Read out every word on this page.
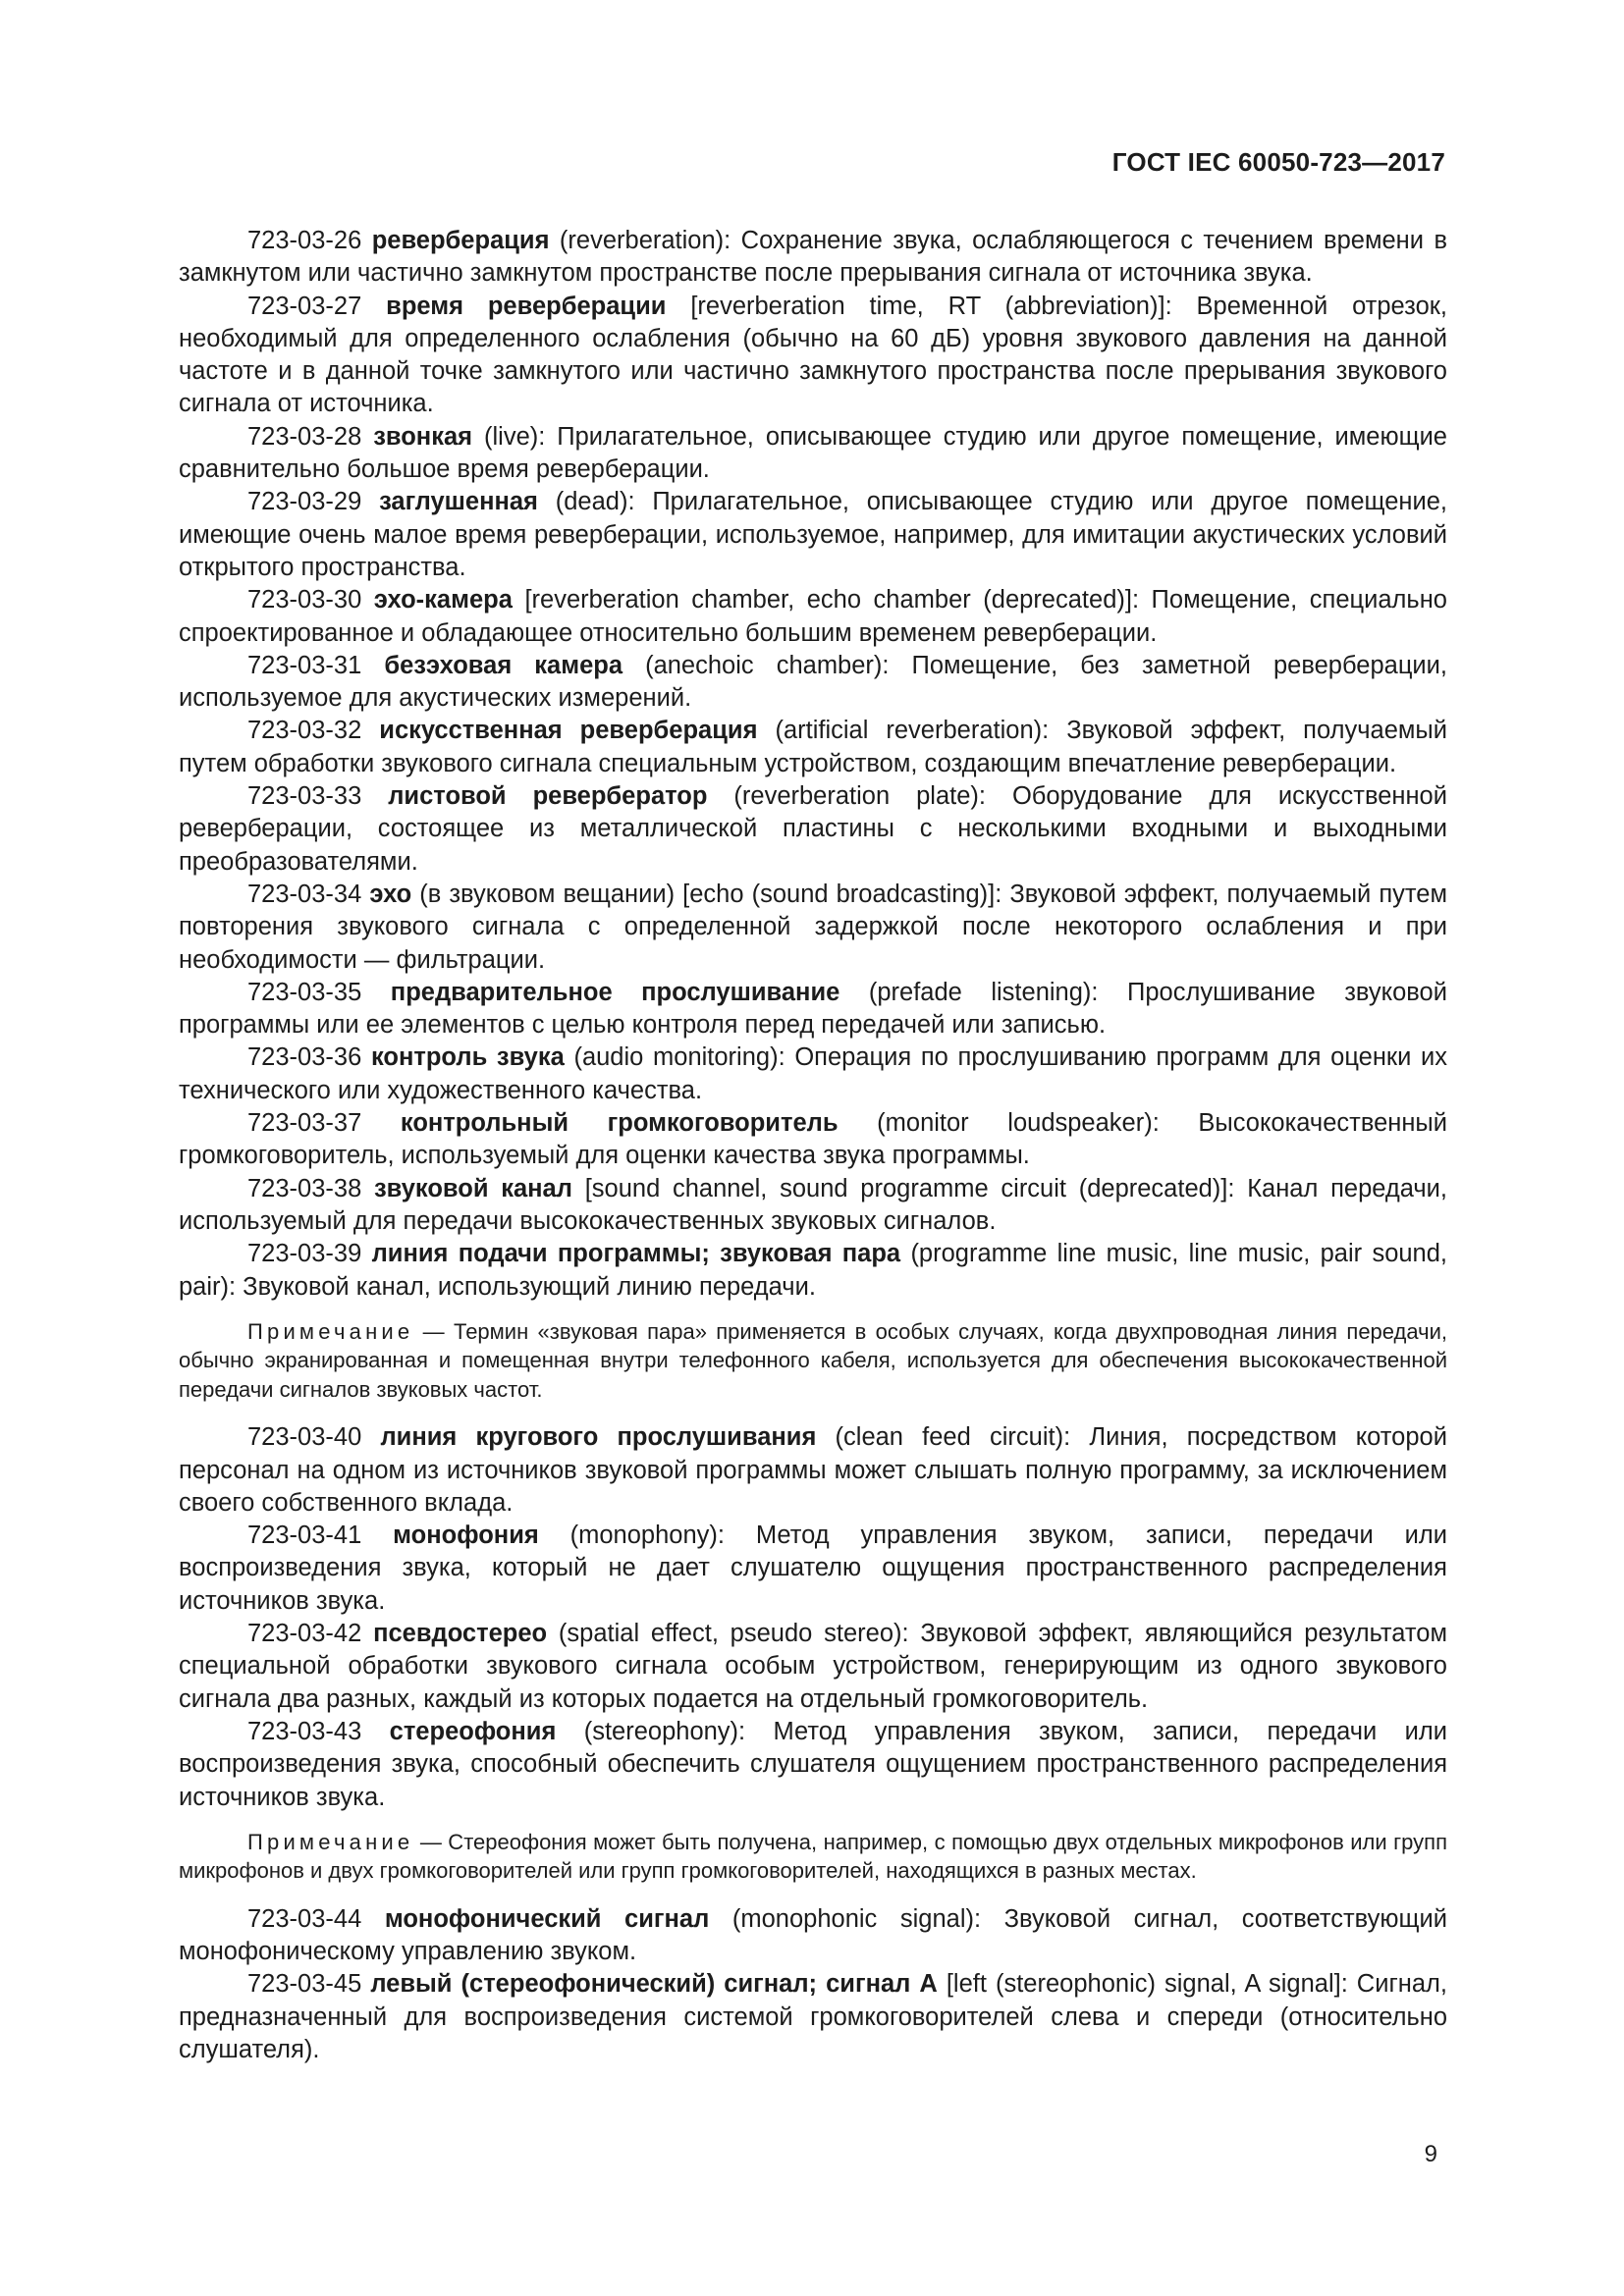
ГОСТ IEC 60050-723—2017

723-03-26 реверберация (reverberation): Сохранение звука, ослабляющегося с течением времени в замкнутом или частично замкнутом пространстве после прерывания сигнала от источника звука.

723-03-27 время реверберации [reverberation time, RT (abbreviation)]: Временной отрезок, необходимый для определенного ослабления (обычно на 60 дБ) уровня звукового давления на данной частоте и в данной точке замкнутого или частично замкнутого пространства после прерывания звукового сигнала от источника.

723-03-28 звонкая (live): Прилагательное, описывающее студию или другое помещение, имеющие сравнительно большое время реверберации.

723-03-29 заглушенная (dead): Прилагательное, описывающее студию или другое помещение, имеющие очень малое время реверберации, используемое, например, для имитации акустических условий открытого пространства.

723-03-30 эхо-камера [reverberation chamber, echo chamber (deprecated)]: Помещение, специально спроектированное и обладающее относительно большим временем реверберации.

723-03-31 безэховая камера (anechoic chamber): Помещение, без заметной реверберации, используемое для акустических измерений.

723-03-32 искусственная реверберация (artificial reverberation): Звуковой эффект, получаемый путем обработки звукового сигнала специальным устройством, создающим впечатление реверберации.

723-03-33 листовой ревербератор (reverberation plate): Оборудование для искусственной реверберации, состоящее из металлической пластины с несколькими входными и выходными преобразователями.

723-03-34 эхо (в звуковом вещании) [echo (sound broadcasting)]: Звуковой эффект, получаемый путем повторения звукового сигнала с определенной задержкой после некоторого ослабления и при необходимости — фильтрации.

723-03-35 предварительное прослушивание (prefade listening): Прослушивание звуковой программы или ее элементов с целью контроля перед передачей или записью.

723-03-36 контроль звука (audio monitoring): Операция по прослушиванию программ для оценки их технического или художественного качества.

723-03-37 контрольный громкоговоритель (monitor loudspeaker): Высококачественный громкоговоритель, используемый для оценки качества звука программы.

723-03-38 звуковой канал [sound channel, sound programme circuit (deprecated)]: Канал передачи, используемый для передачи высококачественных звуковых сигналов.

723-03-39 линия подачи программы; звуковая пара (programme line music, line music, pair sound, pair): Звуковой канал, использующий линию передачи.

Примечание — Термин «звуковая пара» применяется в особых случаях, когда двухпроводная линия передачи, обычно экранированная и помещенная внутри телефонного кабеля, используется для обеспечения высококачественной передачи сигналов звуковых частот.

723-03-40 линия кругового прослушивания (clean feed circuit): Линия, посредством которой персонал на одном из источников звуковой программы может слышать полную программу, за исключением своего собственного вклада.

723-03-41 монофония (monophony): Метод управления звуком, записи, передачи или воспроизведения звука, который не дает слушателю ощущения пространственного распределения источников звука.

723-03-42 псевдостерео (spatial effect, pseudo stereo): Звуковой эффект, являющийся результатом специальной обработки звукового сигнала особым устройством, генерирующим из одного звукового сигнала два разных, каждый из которых подается на отдельный громкоговоритель.

723-03-43 стереофония (stereophony): Метод управления звуком, записи, передачи или воспроизведения звука, способный обеспечить слушателя ощущением пространственного распределения источников звука.

Примечание — Стереофония может быть получена, например, с помощью двух отдельных микрофонов или групп микрофонов и двух громкоговорителей или групп громкоговорителей, находящихся в разных местах.

723-03-44 монофонический сигнал (monophonic signal): Звуковой сигнал, соответствующий монофоническому управлению звуком.

723-03-45 левый (стереофонический) сигнал; сигнал А [left (stereophonic) signal, A signal]: Сигнал, предназначенный для воспроизведения системой громкоговорителей слева и спереди (относительно слушателя).

9
